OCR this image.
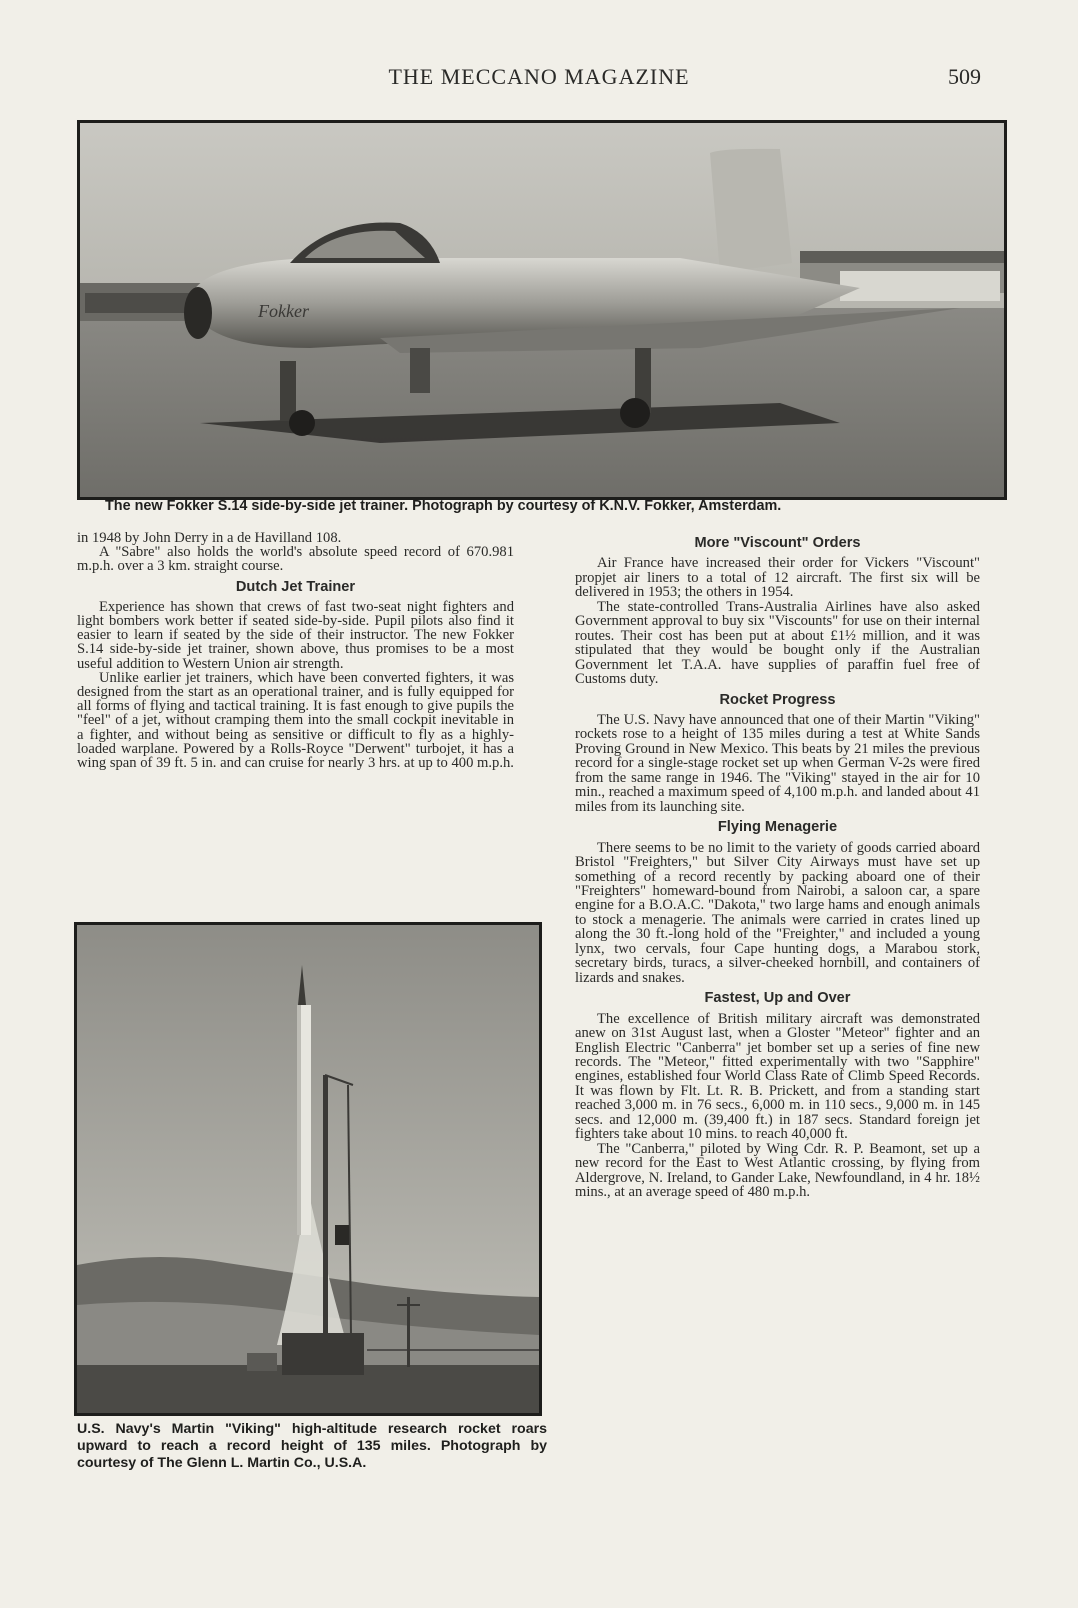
THE MECCANO MAGAZINE	509
Fokker
The new Fokker S.14 side-by-side jet trainer. Photograph by courtesy of K.N.V. Fokker, Amsterdam.

in 1948 by John Derry in a de Havilland 108.

A "Sabre" also holds the world's absolute speed record of 670.981 m.p.h. over a 3 km. straight course.

Dutch Jet Trainer

Experience has shown that crews of fast two-seat night fighters and light bombers work better if seated side-by-side. Pupil pilots also find it easier to learn if seated by the side of their instructor. The new Fokker S.14 side-by-side jet trainer, shown above, thus promises to be a most useful addition to Western Union air strength.

Unlike earlier jet trainers, which have been converted fighters, it was designed from the start as an operational trainer, and is fully equipped for all forms of flying and tactical training. It is fast enough to give pupils the "feel" of a jet, without cramping them into the small cockpit inevitable in a fighter, and without being as sensitive or difficult to fly as a highly-loaded warplane. Powered by a Rolls-Royce "Derwent" turbojet, it has a wing span of 39 ft. 5 in. and can cruise for nearly 3 hrs. at up to 400 m.p.h.

U.S. Navy's Martin "Viking" high-altitude research rocket roars upward to reach a record height of 135 miles. Photograph by courtesy of The Glenn L. Martin Co., U.S.A.
More "Viscount" Orders

Air France have increased their order for Vickers "Viscount" propjet air liners to a total of 12 aircraft. The first six will be delivered in 1953; the others in 1954.

The state-controlled Trans-Australia Airlines have also asked Government approval to buy six "Viscounts" for use on their internal routes. Their cost has been put at about £1½ million, and it was stipulated that they would be bought only if the Australian Government let T.A.A. have supplies of paraffin fuel free of Customs duty.

Rocket Progress

The U.S. Navy have announced that one of their Martin "Viking" rockets rose to a height of 135 miles during a test at White Sands Proving Ground in New Mexico. This beats by 21 miles the previous record for a single-stage rocket set up when German V-2s were fired from the same range in 1946. The "Viking" stayed in the air for 10 min., reached a maximum speed of 4,100 m.p.h. and landed about 41 miles from its launching site.

Flying Menagerie

There seems to be no limit to the variety of goods carried aboard Bristol "Freighters," but Silver City Airways must have set up something of a record recently by packing aboard one of their "Freighters" homeward-bound from Nairobi, a saloon car, a spare engine for a B.O.A.C. "Dakota," two large hams and enough animals to stock a menagerie. The animals were carried in crates lined up along the 30 ft.-long hold of the "Freighter," and included a young lynx, two cervals, four Cape hunting dogs, a Marabou stork, secretary birds, turacs, a silver-cheeked hornbill, and containers of lizards and snakes.

Fastest, Up and Over

The excellence of British military aircraft was demonstrated anew on 31st August last, when a Gloster "Meteor" fighter and an English Electric "Canberra" jet bomber set up a series of fine new records. The "Meteor," fitted experimentally with two "Sapphire" engines, established four World Class Rate of Climb Speed Records. It was flown by Flt. Lt. R. B. Prickett, and from a standing start reached 3,000 m. in 76 secs., 6,000 m. in 110 secs., 9,000 m. in 145 secs. and 12,000 m. (39,400 ft.) in 187 secs. Standard foreign jet fighters take about 10 mins. to reach 40,000 ft.

The "Canberra," piloted by Wing Cdr. R. P. Beamont, set up a new record for the East to West Atlantic crossing, by flying from Aldergrove, N. Ireland, to Gander Lake, Newfoundland, in 4 hr. 18½ mins., at an average speed of 480 m.p.h.
